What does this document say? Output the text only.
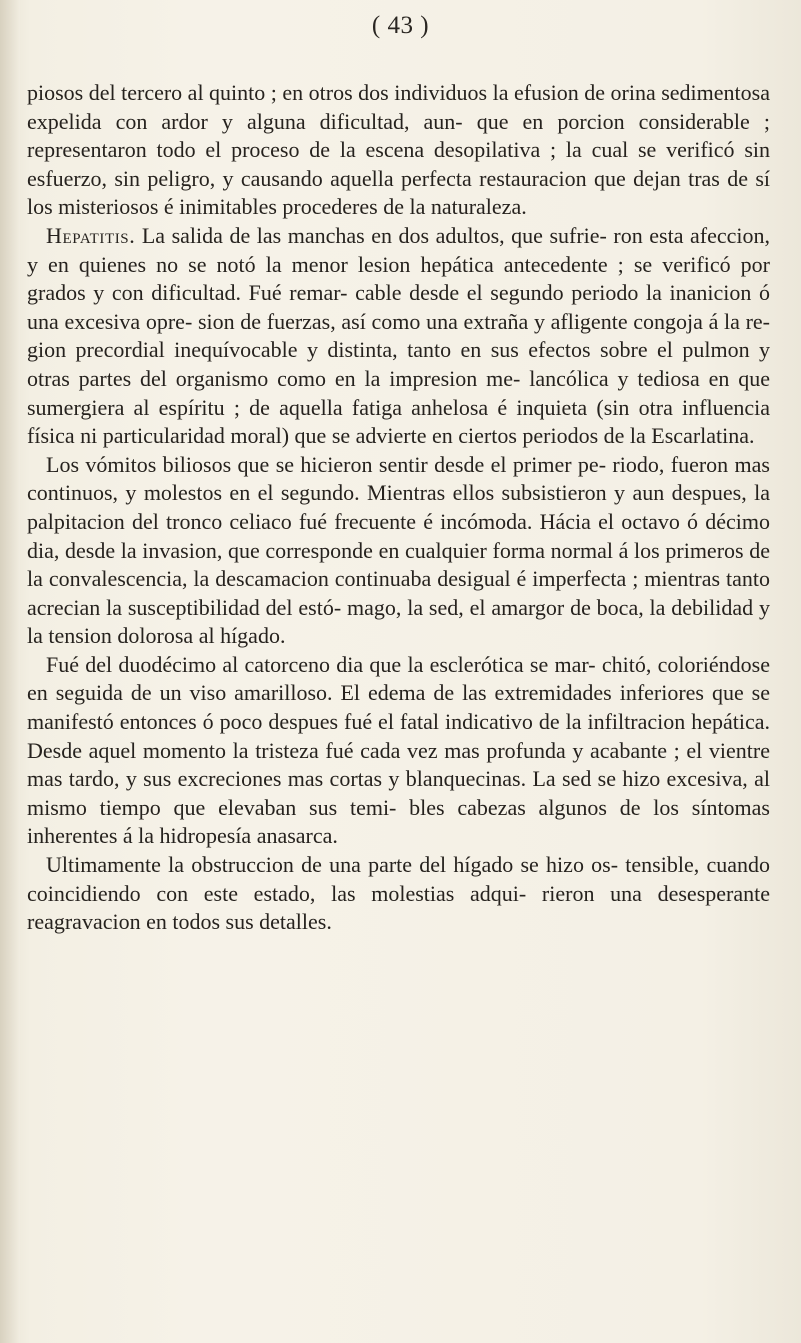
( 43 )

piosos del tercero al quinto ; en otros dos individuos la efusion de orina sedimentosa expelida con ardor y alguna dificultad, aun- que en porcion considerable ; representaron todo el proceso de la escena desopilativa ; la cual se verificó sin esfuerzo, sin peligro, y causando aquella perfecta restauracion que dejan tras de sí los misteriosos é inimitables procederes de la naturaleza.

Hepatitis. La salida de las manchas en dos adultos, que sufrie- ron esta afeccion, y en quienes no se notó la menor lesion hepática antecedente ; se verificó por grados y con dificultad. Fué remar- cable desde el segundo periodo la inanicion ó una excesiva opre- sion de fuerzas, así como una extraña y afligente congoja á la re- gion precordial inequívocable y distinta, tanto en sus efectos sobre el pulmon y otras partes del organismo como en la impresion me- lancólica y tediosa en que sumergiera al espíritu ; de aquella fatiga anhelosa é inquieta (sin otra influencia física ni particularidad moral) que se advierte en ciertos periodos de la Escarlatina.

Los vómitos biliosos que se hicieron sentir desde el primer pe- riodo, fueron mas continuos, y molestos en el segundo. Mientras ellos subsistieron y aun despues, la palpitacion del tronco celiaco fué frecuente é incómoda. Hácia el octavo ó décimo dia, desde la invasion, que corresponde en cualquier forma normal á los primeros de la convalescencia, la descamacion continuaba desigual é imperfecta ; mientras tanto acrecian la susceptibilidad del estó- mago, la sed, el amargor de boca, la debilidad y la tension dolorosa al hígado.

Fué del duodécimo al catorceno dia que la esclerótica se mar- chitó, coloriéndose en seguida de un viso amarilloso. El edema de las extremidades inferiores que se manifestó entonces ó poco despues fué el fatal indicativo de la infiltracion hepática. Desde aquel momento la tristeza fué cada vez mas profunda y acabante ; el vientre mas tardo, y sus excreciones mas cortas y blanquecinas. La sed se hizo excesiva, al mismo tiempo que elevaban sus temi- bles cabezas algunos de los síntomas inherentes á la hidropesía anasarca.

Ultimamente la obstruccion de una parte del hígado se hizo os- tensible, cuando coincidiendo con este estado, las molestias adqui- rieron una desesperante reagravacion en todos sus detalles.
